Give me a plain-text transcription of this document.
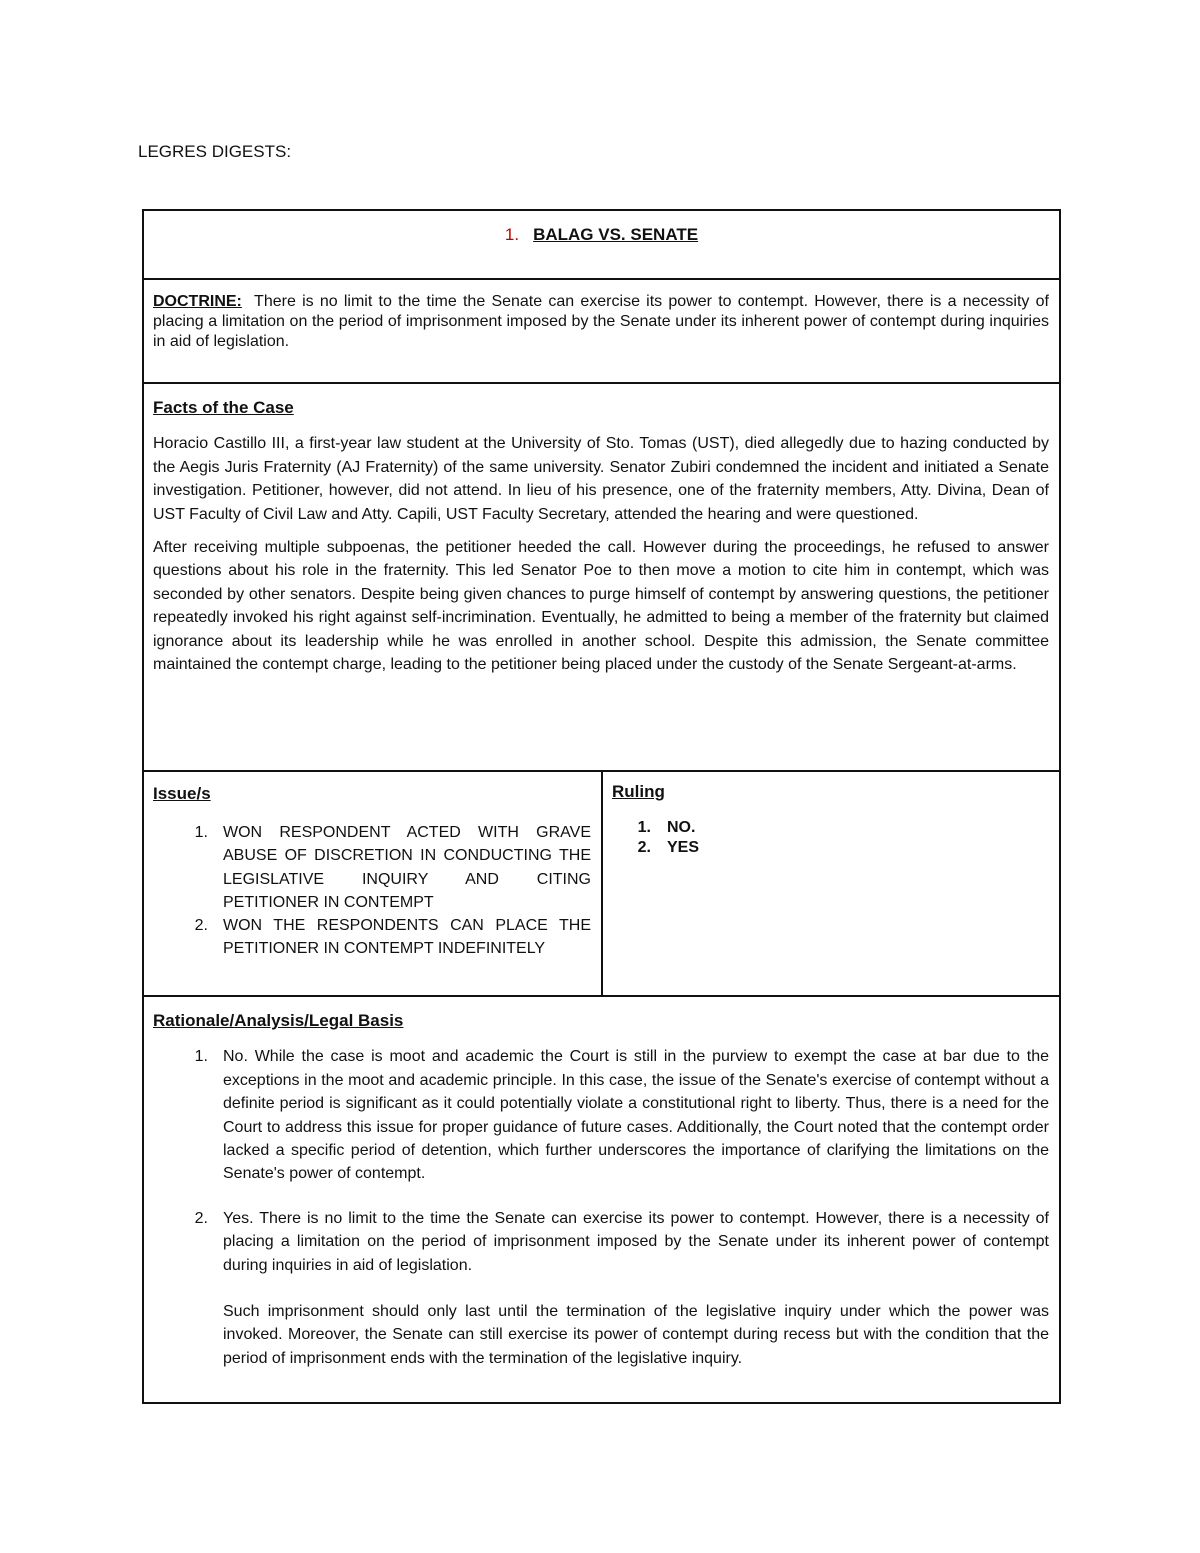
LEGRES DIGESTS:
1. BALAG VS. SENATE
DOCTRINE: There is no limit to the time the Senate can exercise its power to contempt. However, there is a necessity of placing a limitation on the period of imprisonment imposed by the Senate under its inherent power of contempt during inquiries in aid of legislation.
Facts of the Case

Horacio Castillo III, a first-year law student at the University of Sto. Tomas (UST), died allegedly due to hazing conducted by the Aegis Juris Fraternity (AJ Fraternity) of the same university. Senator Zubiri condemned the incident and initiated a Senate investigation. Petitioner, however, did not attend. In lieu of his presence, one of the fraternity members, Atty. Divina, Dean of UST Faculty of Civil Law and Atty. Capili, UST Faculty Secretary, attended the hearing and were questioned.

After receiving multiple subpoenas, the petitioner heeded the call. However during the proceedings, he refused to answer questions about his role in the fraternity. This led Senator Poe to then move a motion to cite him in contempt, which was seconded by other senators. Despite being given chances to purge himself of contempt by answering questions, the petitioner repeatedly invoked his right against self-incrimination. Eventually, he admitted to being a member of the fraternity but claimed ignorance about its leadership while he was enrolled in another school. Despite this admission, the Senate committee maintained the contempt charge, leading to the petitioner being placed under the custody of the Senate Sergeant-at-arms.

Issue/s
1. WON RESPONDENT ACTED WITH GRAVE ABUSE OF DISCRETION IN CONDUCTING THE LEGISLATIVE INQUIRY AND CITING PETITIONER IN CONTEMPT
2. WON THE RESPONDENTS CAN PLACE THE PETITIONER IN CONTEMPT INDEFINITELY
Ruling
1.	NO.
2.	YES
Rationale/Analysis/Legal Basis
1. No. While the case is moot and academic the Court is still in the purview to exempt the case at bar due to the exceptions in the moot and academic principle. In this case, the issue of the Senate's exercise of contempt without a definite period is significant as it could potentially violate a constitutional right to liberty. Thus, there is a need for the Court to address this issue for proper guidance of future cases. Additionally, the Court noted that the contempt order lacked a specific period of detention, which further underscores the importance of clarifying the limitations on the Senate's power of contempt.

2. Yes. There is no limit to the time the Senate can exercise its power to contempt. However, there is a necessity of placing a limitation on the period of imprisonment imposed by the Senate under its inherent power of contempt during inquiries in aid of legislation.

Such imprisonment should only last until the termination of the legislative inquiry under which the power was invoked. Moreover, the Senate can still exercise its power of contempt during recess but with the condition that the period of imprisonment ends with the termination of the legislative inquiry.
